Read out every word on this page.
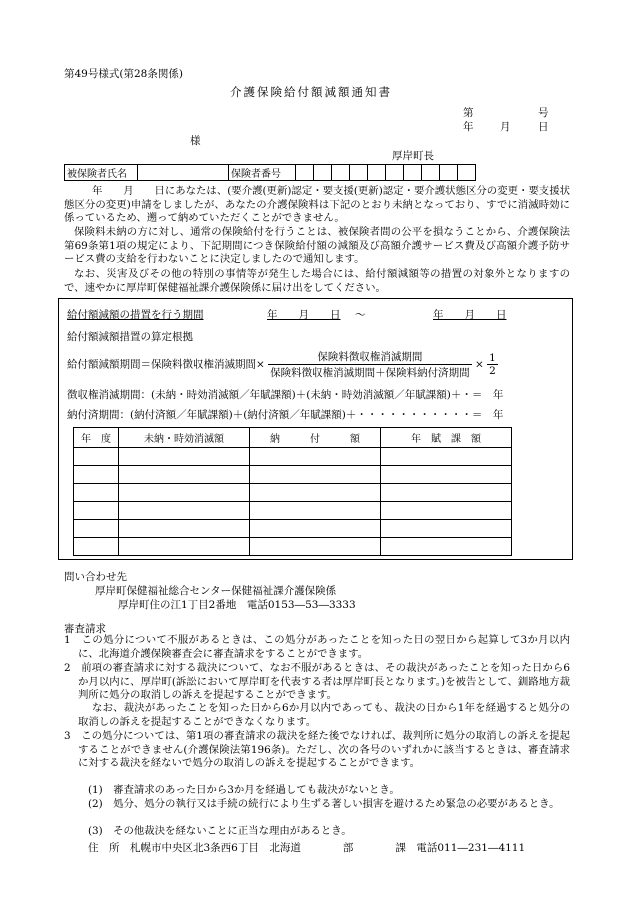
第49号様式(第28条関係)
介護保険給付額減額通知書
第	号
年	月	日
様
厚岸町長
被保険者氏名		保険者番号										
年　　月　　日にあなたは、(要介護(更新)認定・要支援(更新)認定・要介護状態区分の変更・要支援状態区分の変更)申請をしましたが、あなたの介護保険料は下記のとおり未納となっており、すでに消滅時効に係っているため、遡って納めていただくことができません。
保険料未納の方に対し、通常の保険給付を行うことは、被保険者間の公平を損なうことから、介護保険法第69条第1項の規定により、下記期間につき保険給付額の減額及び高額介護サービス費及び高額介護予防サービス費の支給を行わないことに決定しましたので通知します。
なお、災害及びその他の特別の事情等が発生した場合には、給付額減額等の措置の対象外となりますので、速やかに厚岸町保健福祉課介護保険係に届け出をしてください。
給付額減額の措置を行う期間	年　　月　　日 ～	年　　月　　日
給付額減額措置の算定根拠
給付額減額期間＝保険料徴収権消滅期間× $\frac{\text{保険料徴収権消滅期間}}{\text{保険料徴収権消滅期間＋保険料納付済期間}} \times \frac{1}{2}$
徴収権消滅期間：(未納・時効消滅額／年賦課額)＋(未納・時効消滅額／年賦課額)＋・＝　年
納付済期間：(納付済額／年賦課額)＋(納付済額／年賦課額)＋・・・・・・・・・・・＝　年
年　度	未納・時効消滅額	納　　　付　　　額	年　賦　課　額

問い合わせ先
厚岸町保健福祉総合センター保健福祉課介護保険係
厚岸町住の江1丁目2番地　電話0153―53―3333
審査請求
1　この処分について不服があるときは、この処分があったことを知った日の翌日から起算して3か月以内に、北海道介護保険審査会に審査請求をすることができます。
2　前項の審査請求に対する裁決について、なお不服があるときは、その裁決があったことを知った日から6か月以内に、厚岸町(訴訟において厚岸町を代表する者は厚岸町長となります。)を被告として、釧路地方裁判所に処分の取消しの訴えを提起することができます。
なお、裁決があったことを知った日から6か月以内であっても、裁決の日から1年を経過すると処分の取消しの訴えを提起することができなくなります。
3　この処分については、第1項の審査請求の裁決を経た後でなければ、裁判所に処分の取消しの訴えを提起することができません(介護保険法第196条)。ただし、次の各号のいずれかに該当するときは、審査請求に対する裁決を経ないで処分の取消しの訴えを提起することができます。
(1)　審査請求のあった日から3か月を経過しても裁決がないとき。
(2)　処分、処分の執行又は手続の続行により生ずる著しい損害を避けるため緊急の必要があるとき。
(3)　その他裁決を経ないことに正当な理由があるとき。
住　所　札幌市中央区北3条西6丁目　北海道　　　　部　　　　課　電話011―231―4111
